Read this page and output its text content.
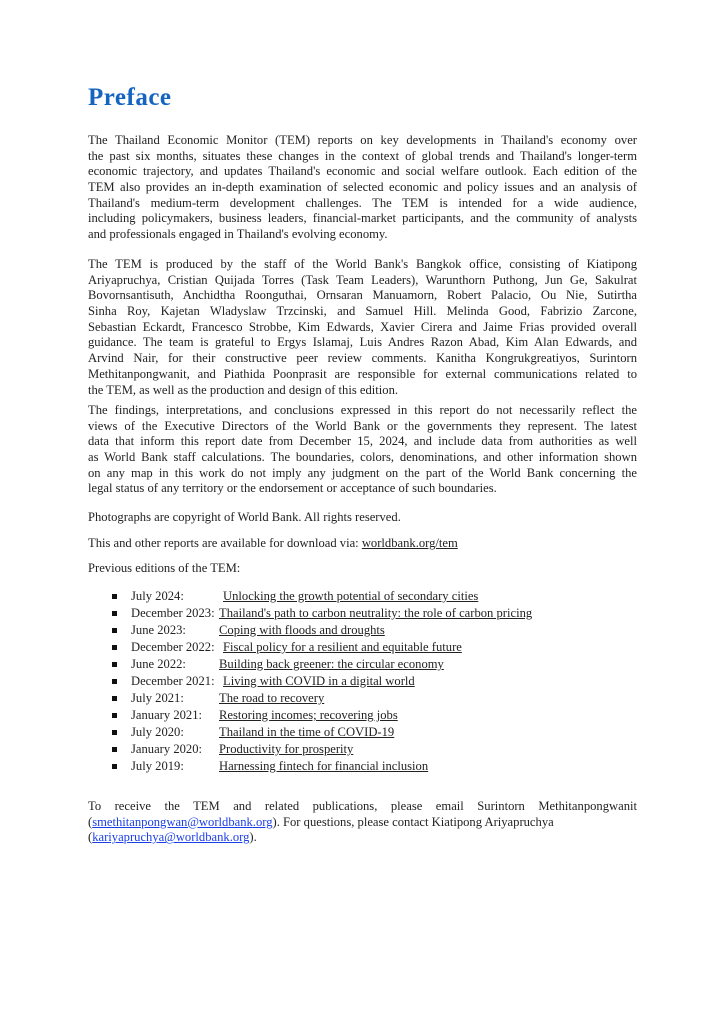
Preface
The Thailand Economic Monitor (TEM) reports on key developments in Thailand's economy over
the past six months, situates these changes in the context of global trends and Thailand's longer-term
economic trajectory, and updates Thailand's economic and social welfare outlook. Each edition of the
TEM also provides an in-depth examination of selected economic and policy issues and an analysis of
Thailand's medium-term development challenges. The TEM is intended for a wide audience,
including policymakers, business leaders, financial-market participants, and the community of analysts
and professionals engaged in Thailand's evolving economy.
The TEM is produced by the staff of the World Bank's Bangkok office, consisting of Kiatipong
Ariyapruchya, Cristian Quijada Torres (Task Team Leaders), Warunthorn Puthong, Jun Ge, Sakulrat
Bovornsantisuth, Anchidtha Roonguthai, Ornsaran Manuamorn, Robert Palacio, Ou Nie, Sutirtha
Sinha Roy, Kajetan Wladyslaw Trzcinski, and Samuel Hill. Melinda Good, Fabrizio Zarcone,
Sebastian Eckardt, Francesco Strobbe, Kim Edwards, Xavier Cirera and Jaime Frias provided overall
guidance. The team is grateful to Ergys Islamaj, Luis Andres Razon Abad, Kim Alan Edwards, and
Arvind Nair, for their constructive peer review comments. Kanitha Kongrukgreatiyos, Surintorn
Methitanpongwanit, and Piathida Poonprasit are responsible for external communications related to
the TEM, as well as the production and design of this edition.
The findings, interpretations, and conclusions expressed in this report do not necessarily reflect the
views of the Executive Directors of the World Bank or the governments they represent. The latest
data that inform this report date from December 15, 2024, and include data from authorities as well
as World Bank staff calculations. The boundaries, colors, denominations, and other information shown
on any map in this work do not imply any judgment on the part of the World Bank concerning the
legal status of any territory or the endorsement or acceptance of such boundaries.
Photographs are copyright of World Bank. All rights reserved.
This and other reports are available for download via: worldbank.org/tem
Previous editions of the TEM:
July 2024:	Unlocking the growth potential of secondary cities
December 2023: Thailand's path to carbon neutrality: the role of carbon pricing
June 2023:	Coping with floods and droughts
December 2022: Fiscal policy for a resilient and equitable future
June 2022:	Building back greener: the circular economy
December 2021: Living with COVID in a digital world
July 2021:	The road to recovery
January 2021: Restoring incomes; recovering jobs
July 2020:	Thailand in the time of COVID-19
January 2020: Productivity for prosperity
July 2019:	Harnessing fintech for financial inclusion
To receive the TEM and related publications, please email Surintorn Methitanpongwanit
(smethitanpongwan@worldbank.org). For questions, please contact Kiatipong Ariyapruchya
(kariyapruchya@worldbank.org).
